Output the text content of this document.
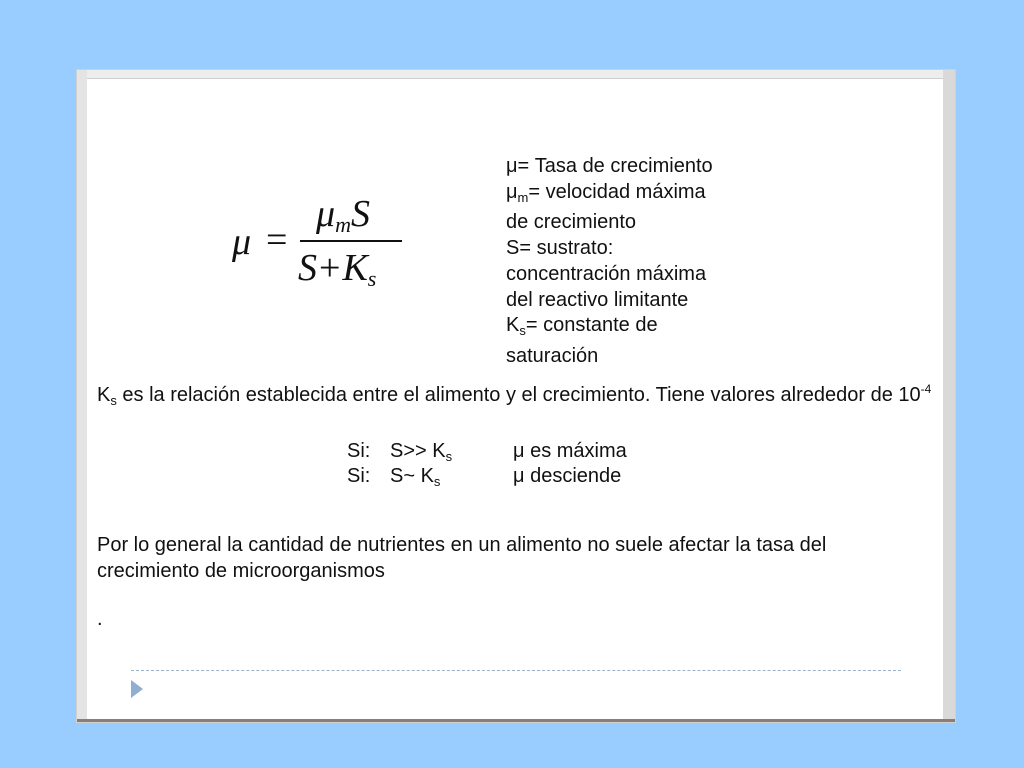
μ =
$\mu_mS$
$S+K_s$
μ= Tasa de crecimiento
$\mu_m=$ velocidad máxima
de crecimiento
S= sustrato:
concentración máxima
del reactivo limitante
$K_s=$ constante de
saturación
$K_s$ es la relación establecida entre el alimento y el crecimiento. Tiene valores alrededor de $10^{-4}$
Si: $S>> K_s$	μ es máxima
Si: S~ $K_s$	μ desciende
Por lo general la cantidad de nutrientes en un alimento no suele afectar la tasa del crecimiento de microorganismos
.
